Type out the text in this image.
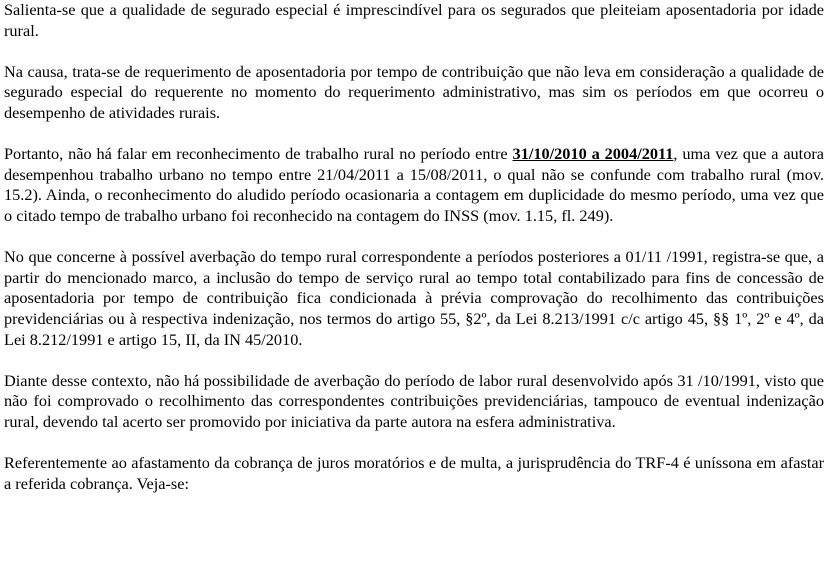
Salienta-se que a qualidade de segurado especial é imprescindível para os segurados que pleiteiam aposentadoria por idade rural.

Na causa, trata-se de requerimento de aposentadoria por tempo de contribuição que não leva em consideração a qualidade de segurado especial do requerente no momento do requerimento administrativo, mas sim os períodos em que ocorreu o desempenho de atividades rurais.

Portanto, não há falar em reconhecimento de trabalho rural no período entre 31/10/2010 a 2004/2011, uma vez que a autora desempenhou trabalho urbano no tempo entre 21/04/2011 a 15/08/2011, o qual não se confunde com trabalho rural (mov. 15.2). Ainda, o reconhecimento do aludido período ocasionaria a contagem em duplicidade do mesmo período, uma vez que o citado tempo de trabalho urbano foi reconhecido na contagem do INSS (mov. 1.15, fl. 249).

No que concerne à possível averbação do tempo rural correspondente a períodos posteriores a 01/11 /1991, registra-se que, a partir do mencionado marco, a inclusão do tempo de serviço rural ao tempo total contabilizado para fins de concessão de aposentadoria por tempo de contribuição fica condicionada à prévia comprovação do recolhimento das contribuições previdenciárias ou à respectiva indenização, nos termos do artigo 55, §2º, da Lei 8.213/1991 c/c artigo 45, §§ 1º, 2º e 4º, da Lei 8.212/1991 e artigo 15, II, da IN 45/2010.

Diante desse contexto, não há possibilidade de averbação do período de labor rural desenvolvido após 31 /10/1991, visto que não foi comprovado o recolhimento das correspondentes contribuições previdenciárias, tampouco de eventual indenização rural, devendo tal acerto ser promovido por iniciativa da parte autora na esfera administrativa.

Referentemente ao afastamento da cobrança de juros moratórios e de multa, a jurisprudência do TRF-4 é uníssona em afastar a referida cobrança. Veja-se:
